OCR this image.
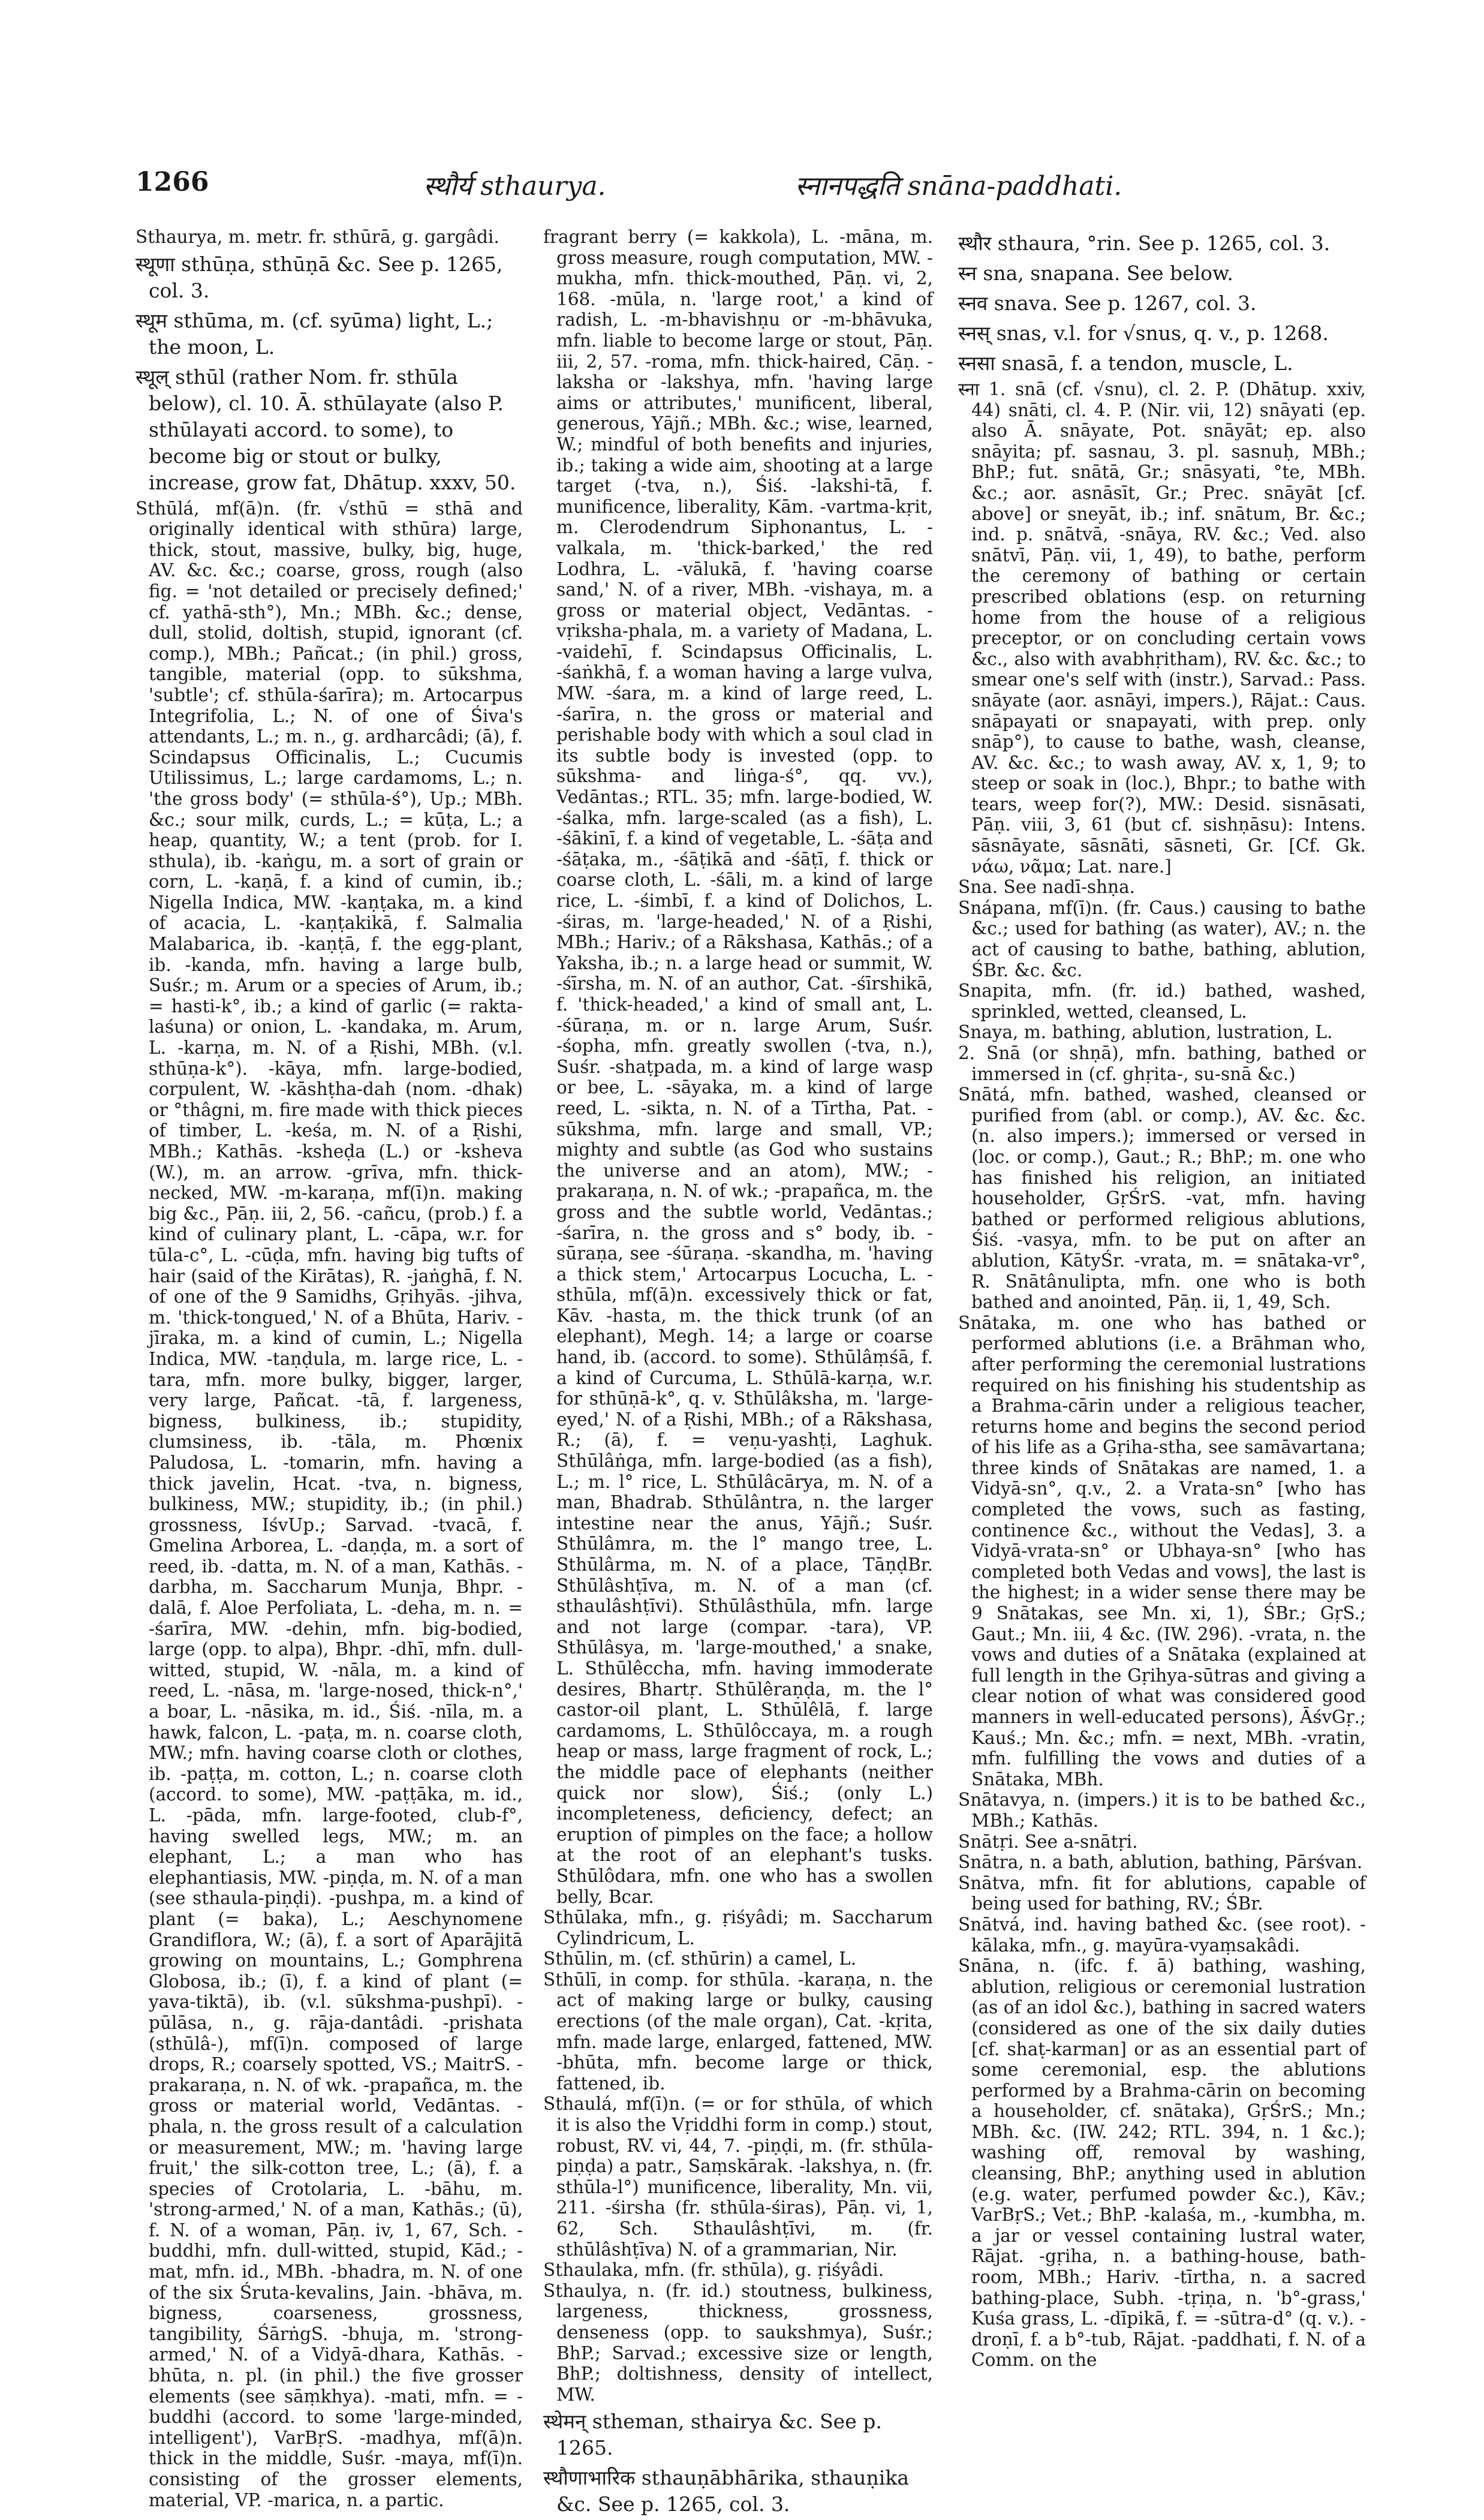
1266	स्थौर्य sthaurya.	स्नानपद्धति snāna-paddhati.

Sthaurya, m. metr. fr. sthūrā, g. gargâdi.

स्थूणा sthūṇa, sthūṇā &c. See p. 1265, col. 3.

स्थूम sthūma, m. (cf. syūma) light, L.; the moon, L.

स्थूल् sthūl (rather Nom. fr. sthūla below), cl. 10. Ā. sthūlayate (also P. sthūlayati accord. to some), to become big or stout or bulky, increase, grow fat, Dhātup. xxxv, 50.

Sthūlá, mf(ā)n. (fr. √sthū = sthā and originally identical with sthūra) large, thick, stout, massive, bulky, big, huge, AV. &c. &c.; coarse, gross, rough (also fig. = 'not detailed or precisely defined;' cf. yathā-sth°), Mn.; MBh. &c.; dense, dull, stolid, doltish, stupid, ignorant (cf. comp.), MBh.; Pañcat.; (in phil.) gross, tangible, material (opp. to sūkshma, 'subtle'; cf. sthūla-śarīra); m. Artocarpus Integrifolia, L.; N. of one of Śiva's attendants, L.; m. n., g. ardharcâdi; (ā), f. Scindapsus Officinalis, L.; Cucumis Utilissimus, L.; large cardamoms, L.; n. 'the gross body' (= sthūla-ś°), Up.; MBh. &c.; sour milk, curds, L.; = kūṭa, L.; a heap, quantity, W.; a tent (prob. for I. sthula), ib. -kaṅgu, m. a sort of grain or corn, L. -kaṇā, f. a kind of cumin, ib.; Nigella Indica, MW. -kaṇṭaka, m. a kind of acacia, L. -kaṇṭakikā, f. Salmalia Malabarica, ib. -kaṇṭā, f. the egg-plant, ib. -kanda, mfn. having a large bulb, Suśr.; m. Arum or a species of Arum, ib.; = hasti-k°, ib.; a kind of garlic (= rakta-laśuna) or onion, L. -kandaka, m. Arum, L. -karṇa, m. N. of a Ṛishi, MBh. (v.l. sthūṇa-k°). -kāya, mfn. large-bodied, corpulent, W. -kāshṭha-dah (nom. -dhak) or °thâgni, m. fire made with thick pieces of timber, L. -keśa, m. N. of a Ṛishi, MBh.; Kathās. -ksheḍa (L.) or -ksheva (W.), m. an arrow. -grīva, mfn. thick-necked, MW. -m-karaṇa, mf(ī)n. making big &c., Pāṇ. iii, 2, 56. -cañcu, (prob.) f. a kind of culinary plant, L. -cāpa, w.r. for tūla-c°, L. -cūḍa, mfn. having big tufts of hair (said of the Kirātas), R. -jaṅghā, f. N. of one of the 9 Samidhs, Gṛihyās. -jihva, m. 'thick-tongued,' N. of a Bhūta, Hariv. -jīraka, m. a kind of cumin, L.; Nigella Indica, MW. -taṇḍula, m. large rice, L. -tara, mfn. more bulky, bigger, larger, very large, Pañcat. -tā, f. largeness, bigness, bulkiness, ib.; stupidity, clumsiness, ib. -tāla, m. Phœnix Paludosa, L. -tomarin, mfn. having a thick javelin, Hcat. -tva, n. bigness, bulkiness, MW.; stupidity, ib.; (in phil.) grossness, IśvUp.; Sarvad. -tvacā, f. Gmelina Arborea, L. -daṇḍa, m. a sort of reed, ib. -datta, m. N. of a man, Kathās. -darbha, m. Saccharum Munja, Bhpr. -dalā, f. Aloe Perfoliata, L. -deha, m. n. = -śarīra, MW. -dehin, mfn. big-bodied, large (opp. to alpa), Bhpr. -dhī, mfn. dull-witted, stupid, W. -nāla, m. a kind of reed, L. -nāsa, m. 'large-nosed, thick-n°,' a boar, L. -nāsika, m. id., Śiś. -nīla, m. a hawk, falcon, L. -paṭa, m. n. coarse cloth, MW.; mfn. having coarse cloth or clothes, ib. -paṭṭa, m. cotton, L.; n. coarse cloth (accord. to some), MW. -paṭṭāka, m. id., L. -pāda, mfn. large-footed, club-f°, having swelled legs, MW.; m. an elephant, L.; a man who has elephantiasis, MW. -piṇḍa, m. N. of a man (see sthaula-piṇḍi). -pushpa, m. a kind of plant (= baka), L.; Aeschynomene Grandiflora, W.; (ā), f. a sort of Aparājitā growing on mountains, L.; Gomphrena Globosa, ib.; (ī), f. a kind of plant (= yava-tiktā), ib. (v.l. sūkshma-pushpī). -pūlāsa, n., g. rāja-dantâdi. -prishata (sthūlâ-), mf(ī)n. composed of large drops, R.; coarsely spotted, VS.; MaitrS. -prakaraṇa, n. N. of wk. -prapañca, m. the gross or material world, Vedāntas. -phala, n. the gross result of a calculation or measurement, MW.; m. 'having large fruit,' the silk-cotton tree, L.; (ā), f. a species of Crotolaria, L. -bāhu, m. 'strong-armed,' N. of a man, Kathās.; (ū), f. N. of a woman, Pāṇ. iv, 1, 67, Sch. -buddhi, mfn. dull-witted, stupid, Kād.; -mat, mfn. id., MBh. -bhadra, m. N. of one of the six Śruta-kevalins, Jain. -bhāva, m. bigness, coarseness, grossness, tangibility, ŚārṅgS. -bhuja, m. 'strong-armed,' N. of a Vidyā-dhara, Kathās. -bhūta, n. pl. (in phil.) the five grosser elements (see sāṃkhya). -mati, mfn. = -buddhi (accord. to some 'large-minded, intelligent'), VarBṛS. -madhya, mf(ā)n. thick in the middle, Suśr. -maya, mf(ī)n. consisting of the grosser elements, material, VP. -marica, n. a partic.

fragrant berry (= kakkola), L. -māna, m. gross measure, rough computation, MW. -mukha, mfn. thick-mouthed, Pāṇ. vi, 2, 168. -mūla, n. 'large root,' a kind of radish, L. -m-bhavishṇu or -m-bhāvuka, mfn. liable to become large or stout, Pāṇ. iii, 2, 57. -roma, mfn. thick-haired, Cāṇ. -laksha or -lakshya, mfn. 'having large aims or attributes,' munificent, liberal, generous, Yājñ.; MBh. &c.; wise, learned, W.; mindful of both benefits and injuries, ib.; taking a wide aim, shooting at a large target (-tva, n.), Śiś. -lakshi-tā, f. munificence, liberality, Kām. -vartma-kṛit, m. Clerodendrum Siphonantus, L. -valkala, m. 'thick-barked,' the red Lodhra, L. -vālukā, f. 'having coarse sand,' N. of a river, MBh. -vishaya, m. a gross or material object, Vedāntas. -vṛiksha-phala, m. a variety of Madana, L. -vaidehī, f. Scindapsus Officinalis, L. -śaṅkhā, f. a woman having a large vulva, MW. -śara, m. a kind of large reed, L. -śarīra, n. the gross or material and perishable body with which a soul clad in its subtle body is invested (opp. to sūkshma- and liṅga-ś°, qq. vv.), Vedāntas.; RTL. 35; mfn. large-bodied, W. -śalka, mfn. large-scaled (as a fish), L. -śākinī, f. a kind of vegetable, L. -śāṭa and -śāṭaka, m., -śāṭikā and -śāṭī, f. thick or coarse cloth, L. -śāli, m. a kind of large rice, L. -śimbī, f. a kind of Dolichos, L. -śiras, m. 'large-headed,' N. of a Ṛishi, MBh.; Hariv.; of a Rākshasa, Kathās.; of a Yaksha, ib.; n. a large head or summit, W. -śīrsha, m. N. of an author, Cat. -śīrshikā, f. 'thick-headed,' a kind of small ant, L. -śūraṇa, m. or n. large Arum, Suśr. -śopha, mfn. greatly swollen (-tva, n.), Suśr. -shaṭpada, m. a kind of large wasp or bee, L. -sāyaka, m. a kind of large reed, L. -sikta, n. N. of a Tīrtha, Pat. -sūkshma, mfn. large and small, VP.; mighty and subtle (as God who sustains the universe and an atom), MW.; -prakaraṇa, n. N. of wk.; -prapañca, m. the gross and the subtle world, Vedāntas.; -śarīra, n. the gross and s° body, ib. -sūraṇa, see -śūraṇa. -skandha, m. 'having a thick stem,' Artocarpus Locucha, L. -sthūla, mf(ā)n. excessively thick or fat, Kāv. -hasta, m. the thick trunk (of an elephant), Megh. 14; a large or coarse hand, ib. (accord. to some). Sthūlâṃśā, f. a kind of Curcuma, L. Sthūlā-karṇa, w.r. for sthūṇā-k°, q. v. Sthūlâksha, m. 'large-eyed,' N. of a Ṛishi, MBh.; of a Rākshasa, R.; (ā), f. = veṇu-yashṭi, Laghuk. Sthūlâṅga, mfn. large-bodied (as a fish), L.; m. l° rice, L. Sthūlâcārya, m. N. of a man, Bhadrab. Sthūlântra, n. the larger intestine near the anus, Yājñ.; Suśr. Sthūlâmra, m. the l° mango tree, L. Sthūlârma, m. N. of a place, TāṇḍBr. Sthūlâshṭīva, m. N. of a man (cf. sthaulâshṭīvi). Sthūlâsthūla, mfn. large and not large (compar. -tara), VP. Sthūlâsya, m. 'large-mouthed,' a snake, L. Sthūlêccha, mfn. having immoderate desires, Bhartṛ. Sthūlêraṇḍa, m. the l° castor-oil plant, L. Sthūlêlā, f. large cardamoms, L. Sthūlôccaya, m. a rough heap or mass, large fragment of rock, L.; the middle pace of elephants (neither quick nor slow), Śiś.; (only L.) incompleteness, deficiency, defect; an eruption of pimples on the face; a hollow at the root of an elephant's tusks. Sthūlôdara, mfn. one who has a swollen belly, Bcar.

Sthūlaka, mfn., g. ṛiśyâdi; m. Saccharum Cylindricum, L.

Sthūlin, m. (cf. sthūrin) a camel, L.

Sthūlī, in comp. for sthūla. -karaṇa, n. the act of making large or bulky, causing erections (of the male organ), Cat. -kṛita, mfn. made large, enlarged, fattened, MW. -bhūta, mfn. become large or thick, fattened, ib.

Sthaulá, mf(ī)n. (= or for sthūla, of which it is also the Vṛiddhi form in comp.) stout, robust, RV. vi, 44, 7. -piṇḍi, m. (fr. sthūla-piṇḍa) a patr., Saṃskārak. -lakshya, n. (fr. sthūla-l°) munificence, liberality, Mn. vii, 211. -śirsha (fr. sthūla-śiras), Pāṇ. vi, 1, 62, Sch. Sthaulâshṭīvi, m. (fr. sthūlâshṭīva) N. of a grammarian, Nir.

Sthaulaka, mfn. (fr. sthūla), g. ṛiśyâdi.

Sthaulya, n. (fr. id.) stoutness, bulkiness, largeness, thickness, grossness, denseness (opp. to saukshmya), Suśr.; BhP.; Sarvad.; excessive size or length, BhP.; doltishness, density of intellect, MW.

स्थेमन् stheman, sthairya &c. See p. 1265.

स्थौणाभारिक sthauṇābhārika, sthauṇika &c. See p. 1265, col. 3.

स्थौर sthaura, °rin. See p. 1265, col. 3.

स्न sna, snapana. See below.

स्नव snava. See p. 1267, col. 3.

स्नस् snas, v.l. for √snus, q. v., p. 1268.

स्नसा snasā, f. a tendon, muscle, L.

स्ना 1. snā (cf. √snu), cl. 2. P. (Dhātup. xxiv, 44) snāti, cl. 4. P. (Nir. vii, 12) snāyati (ep. also Ā. snāyate, Pot. snāyāt; ep. also snāyita; pf. sasnau, 3. pl. sasnuḥ, MBh.; BhP.; fut. snātā, Gr.; snāsyati, °te, MBh. &c.; aor. asnāsīt, Gr.; Prec. snāyāt [cf. above] or sneyāt, ib.; inf. snātum, Br. &c.; ind. p. snātvā, -snāya, RV. &c.; Ved. also snātvī, Pāṇ. vii, 1, 49), to bathe, perform the ceremony of bathing or certain prescribed oblations (esp. on returning home from the house of a religious preceptor, or on concluding certain vows &c., also with avabhṛitham), RV. &c. &c.; to smear one's self with (instr.), Sarvad.: Pass. snāyate (aor. asnāyi, impers.), Rājat.: Caus. snāpayati or snapayati, with prep. only snāp°), to cause to bathe, wash, cleanse, AV. &c. &c.; to wash away, AV. x, 1, 9; to steep or soak in (loc.), Bhpr.; to bathe with tears, weep for(?), MW.: Desid. sisnāsati, Pāṇ. viii, 3, 61 (but cf. sishṇāsu): Intens. sāsnāyate, sāsnāti, sāsneti, Gr. [Cf. Gk. νάω, νᾶμα; Lat. nare.]

Sna. See nadī-shṇa.

Snápana, mf(ī)n. (fr. Caus.) causing to bathe &c.; used for bathing (as water), AV.; n. the act of causing to bathe, bathing, ablution, ŚBr. &c. &c.

Snapita, mfn. (fr. id.) bathed, washed, sprinkled, wetted, cleansed, L.

Snaya, m. bathing, ablution, lustration, L.

2. Snā (or shṇā), mfn. bathing, bathed or immersed in (cf. ghṛita-, su-snā &c.)

Snātá, mfn. bathed, washed, cleansed or purified from (abl. or comp.), AV. &c. &c. (n. also impers.); immersed or versed in (loc. or comp.), Gaut.; R.; BhP.; m. one who has finished his religion, an initiated householder, GṛŚrS. -vat, mfn. having bathed or performed religious ablutions, Śiś. -vasya, mfn. to be put on after an ablution, KātyŚr. -vrata, m. = snātaka-vr°, R. Snātânulipta, mfn. one who is both bathed and anointed, Pāṇ. ii, 1, 49, Sch.

Snātaka, m. one who has bathed or performed ablutions (i.e. a Brāhman who, after performing the ceremonial lustrations required on his finishing his studentship as a Brahma-cārin under a religious teacher, returns home and begins the second period of his life as a Gṛiha-stha, see samāvartana; three kinds of Snātakas are named, 1. a Vidyā-sn°, q.v., 2. a Vrata-sn° [who has completed the vows, such as fasting, continence &c., without the Vedas], 3. a Vidyā-vrata-sn° or Ubhaya-sn° [who has completed both Vedas and vows], the last is the highest; in a wider sense there may be 9 Snātakas, see Mn. xi, 1), ŚBr.; GṛS.; Gaut.; Mn. iii, 4 &c. (IW. 296). -vrata, n. the vows and duties of a Snātaka (explained at full length in the Gṛihya-sūtras and giving a clear notion of what was considered good manners in well-educated persons), ĀśvGṛ.; Kauś.; Mn. &c.; mfn. = next, MBh. -vratin, mfn. fulfilling the vows and duties of a Snātaka, MBh.

Snātavya, n. (impers.) it is to be bathed &c., MBh.; Kathās.

Snātṛi. See a-snātṛi.

Snātra, n. a bath, ablution, bathing, Pārśvan.

Snātva, mfn. fit for ablutions, capable of being used for bathing, RV.; ŚBr.

Snātvá, ind. having bathed &c. (see root). -kālaka, mfn., g. mayūra-vyaṃsakâdi.

Snāna, n. (ifc. f. ā) bathing, washing, ablution, religious or ceremonial lustration (as of an idol &c.), bathing in sacred waters (considered as one of the six daily duties [cf. shaṭ-karman] or as an essential part of some ceremonial, esp. the ablutions performed by a Brahma-cārin on becoming a householder, cf. snātaka), GṛŚrS.; Mn.; MBh. &c. (IW. 242; RTL. 394, n. 1 &c.); washing off, removal by washing, cleansing, BhP.; anything used in ablution (e.g. water, perfumed powder &c.), Kāv.; VarBṛS.; Vet.; BhP. -kalaśa, m., -kumbha, m. a jar or vessel containing lustral water, Rājat. -gṛiha, n. a bathing-house, bath-room, MBh.; Hariv. -tīrtha, n. a sacred bathing-place, Subh. -tṛiṇa, n. 'b°-grass,' Kuśa grass, L. -dīpikā, f. = -sūtra-d° (q. v.). -droṇī, f. a b°-tub, Rājat. -paddhati, f. N. of a Comm. on the
